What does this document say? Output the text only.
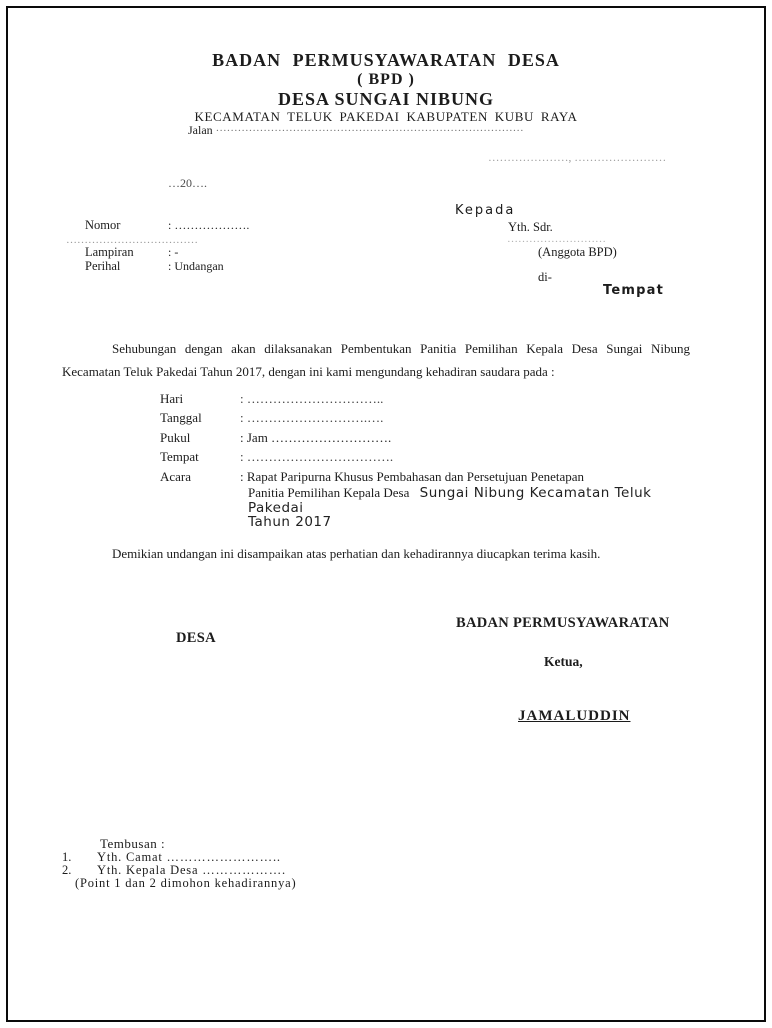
BADAN PERMUSYAWARATAN DESA
( BPD )
DESA SUNGAI NIBUNG
KECAMATAN TELUK PAKEDAI KABUPATEN KUBU RAYA
Jalan …………………………………………………………………………
…………………, ……………………
…20….
Nomor	: ……………….
………………………………
Lampiran	: -
Perihal	: Undangan
Kepada
Yth. Sdr.
………………………
(Anggota BPD)
di-
Tempat
Sehubungan dengan akan dilaksanakan Pembentukan Panitia Pemilihan Kepala Desa Sungai Nibung Kecamatan Teluk Pakedai Tahun 2017, dengan ini kami mengundang kehadiran saudara pada :
Hari	: …………………………..
Tanggal	: ……………………….….
Pukul	: Jam ……………………….
Tempat	: …………………………….
Acara	: Rapat Paripurna Khusus Pembahasan dan Persetujuan Penetapan
Panitia Pemilihan Kepala Desa Sungai Nibung Kecamatan Teluk
Pakedai
Tahun 2017
Demikian undangan ini disampaikan atas perhatian dan kehadirannya diucapkan terima kasih.
BADAN PERMUSYAWARATAN
DESA
Ketua,
JAMALUDDIN
Tembusan :
1. Yth. Camat ……………………..
2. Yth. Kepala Desa ……………….
(Point 1 dan 2 dimohon kehadirannya)
